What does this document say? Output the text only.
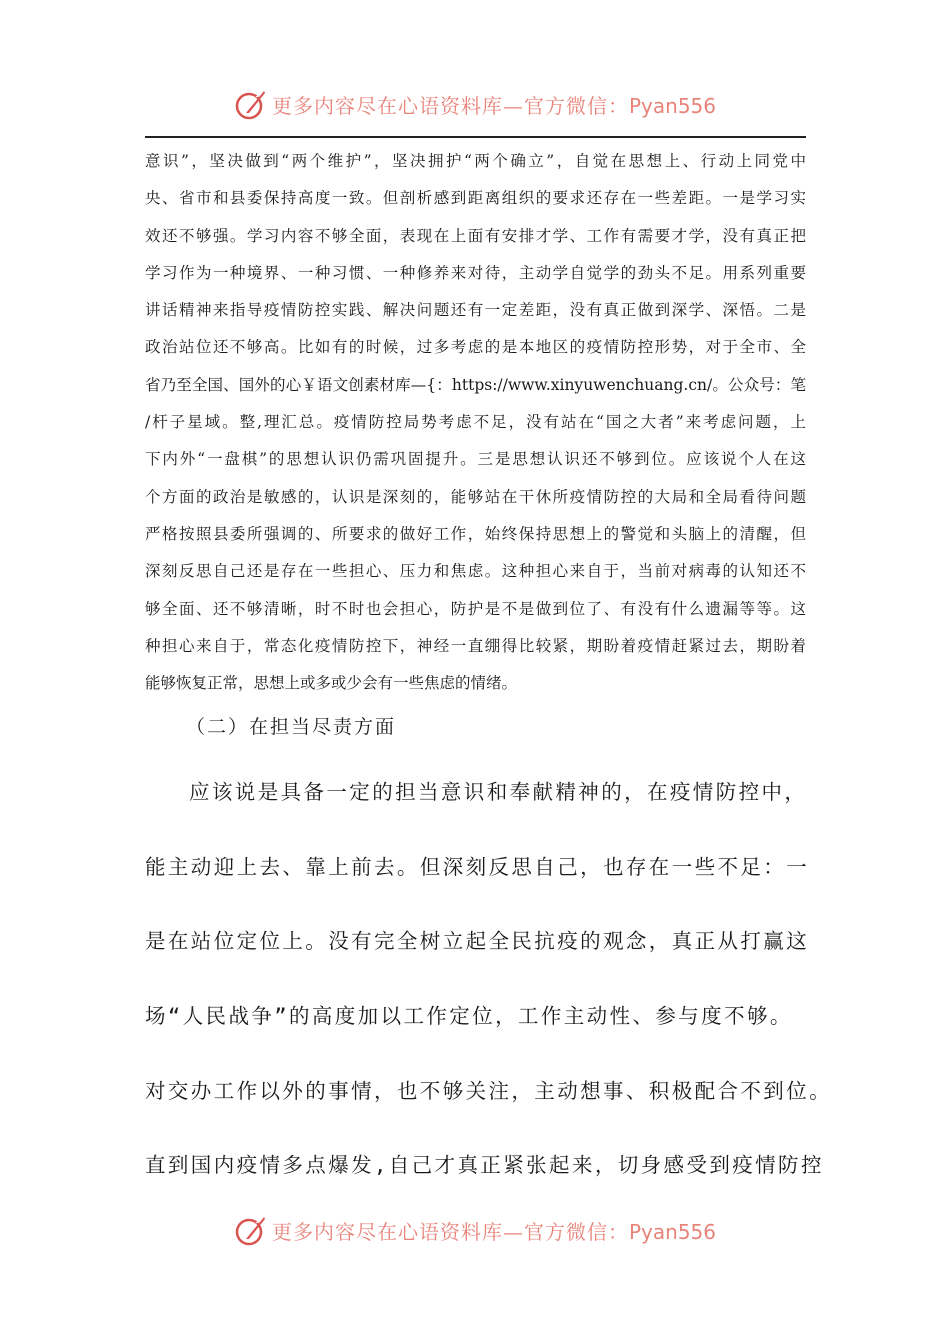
更多内容尽在心语资料库—官方微信：Pyan556
意识”，坚决做到“两个维护”，坚决拥护“两个确立”，自觉在思想上、行动上同党中
央、省市和县委保持高度一致。但剖析感到距离组织的要求还存在一些差距。一是学习实
效还不够强。学习内容不够全面，表现在上面有安排才学、工作有需要才学，没有真正把
学习作为一种境界、一种习惯、一种修养来对待，主动学自觉学的劲头不足。用系列重要
讲话精神来指导疫情防控实践、解决问题还有一定差距，没有真正做到深学、深悟。二是
政治站位还不够高。比如有的时候，过多考虑的是本地区的疫情防控形势，对于全市、全
省乃至全国、国外的心￥语文创素材库—{：https://www.xinyuwenchuang.cn/。公众号：笔
/杆子星域。整,理汇总。疫情防控局势考虑不足，没有站在“国之大者”来考虑问题，上
下内外“一盘棋”的思想认识仍需巩固提升。三是思想认识还不够到位。应该说个人在这
个方面的政治是敏感的，认识是深刻的，能够站在干休所疫情防控的大局和全局看待问题
严格按照县委所强调的、所要求的做好工作，始终保持思想上的警觉和头脑上的清醒，但
深刻反思自己还是存在一些担心、压力和焦虑。这种担心来自于，当前对病毒的认知还不
够全面、还不够清晰，时不时也会担心，防护是不是做到位了、有没有什么遗漏等等。这
种担心来自于，常态化疫情防控下，神经一直绷得比较紧，期盼着疫情赶紧过去，期盼着
能够恢复正常，思想上或多或少会有一些焦虑的情绪。
（二）在担当尽责方面
应该说是具备一定的担当意识和奉献精神的，在疫情防控中，
能主动迎上去、靠上前去。但深刻反思自己，也存在一些不足：一
是在站位定位上。没有完全树立起全民抗疫的观念，真正从打赢这
场“人民战争”的高度加以工作定位，工作主动性、参与度不够。
对交办工作以外的事情，也不够关注，主动想事、积极配合不到位。
直到国内疫情多点爆发,自己才真正紧张起来，切身感受到疫情防控
更多内容尽在心语资料库—官方微信：Pyan556
